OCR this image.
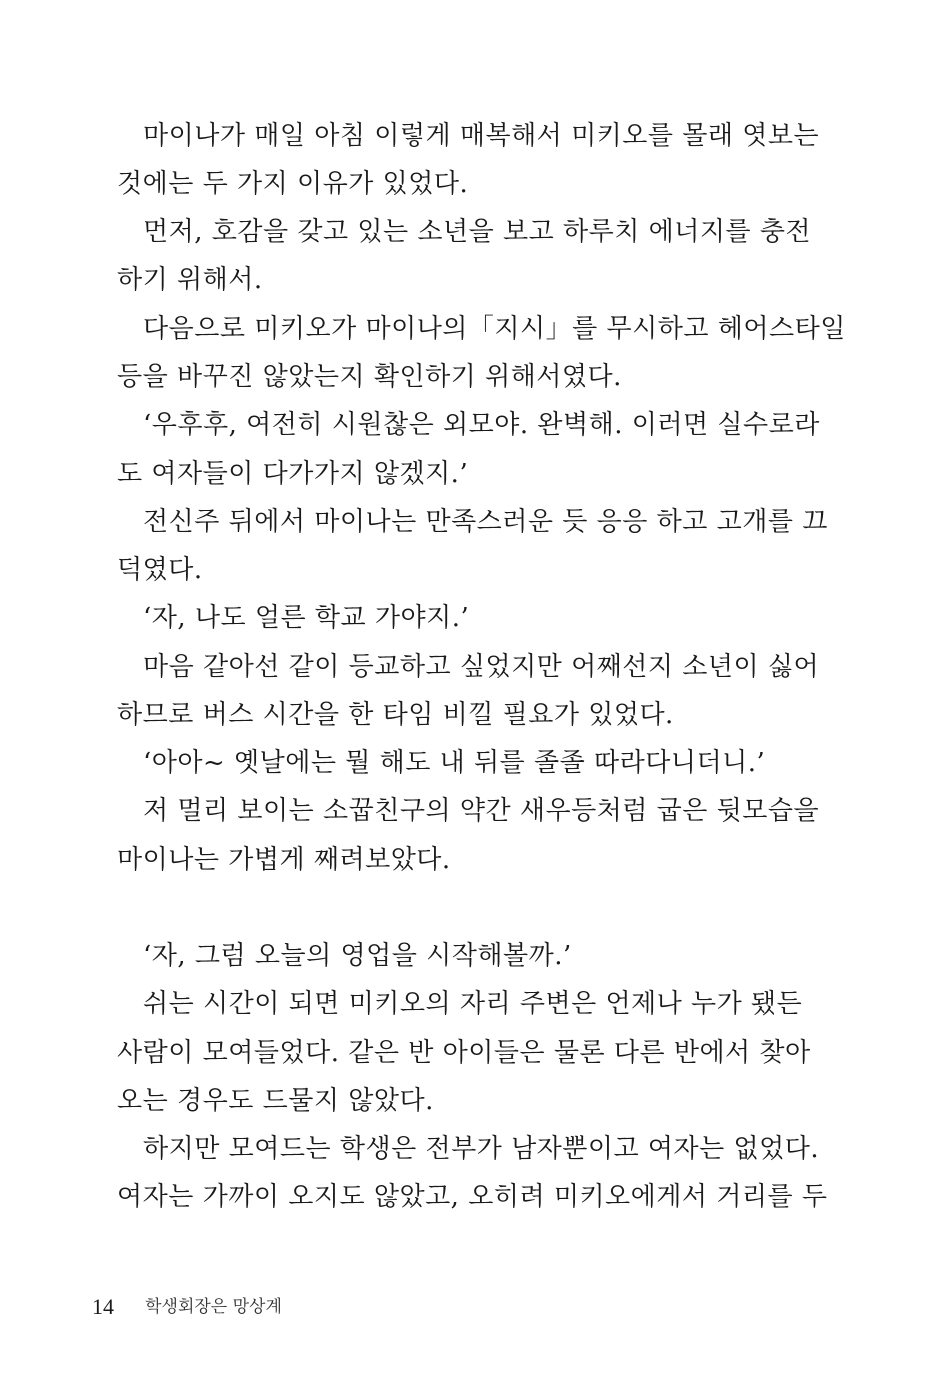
마이나가 매일 아침 이렇게 매복해서 미키오를 몰래 엿보는
것에는 두 가지 이유가 있었다.
먼저, 호감을 갖고 있는 소년을 보고 하루치 에너지를 충전
하기 위해서.
다음으로 미키오가 마이나의「지시」를 무시하고 헤어스타일
등을 바꾸진 않았는지 확인하기 위해서였다.
‘우후후, 여전히 시원찮은 외모야. 완벽해. 이러면 실수로라
도 여자들이 다가가지 않겠지.’
전신주 뒤에서 마이나는 만족스러운 듯 응응 하고 고개를 끄
덕였다.
‘자, 나도 얼른 학교 가야지.’
마음 같아선 같이 등교하고 싶었지만 어째선지 소년이 싫어
하므로 버스 시간을 한 타임 비낄 필요가 있었다.
‘아아~ 옛날에는 뭘 해도 내 뒤를 졸졸 따라다니더니.’
저 멀리 보이는 소꿉친구의 약간 새우등처럼 굽은 뒷모습을
마이나는 가볍게 째려보았다.
‘자, 그럼 오늘의 영업을 시작해볼까.’
쉬는 시간이 되면 미키오의 자리 주변은 언제나 누가 됐든
사람이 모여들었다. 같은 반 아이들은 물론 다른 반에서 찾아
오는 경우도 드물지 않았다.
하지만 모여드는 학생은 전부가 남자뿐이고 여자는 없었다.
여자는 가까이 오지도 않았고, 오히려 미키오에게서 거리를 두
14 학생회장은 망상계
